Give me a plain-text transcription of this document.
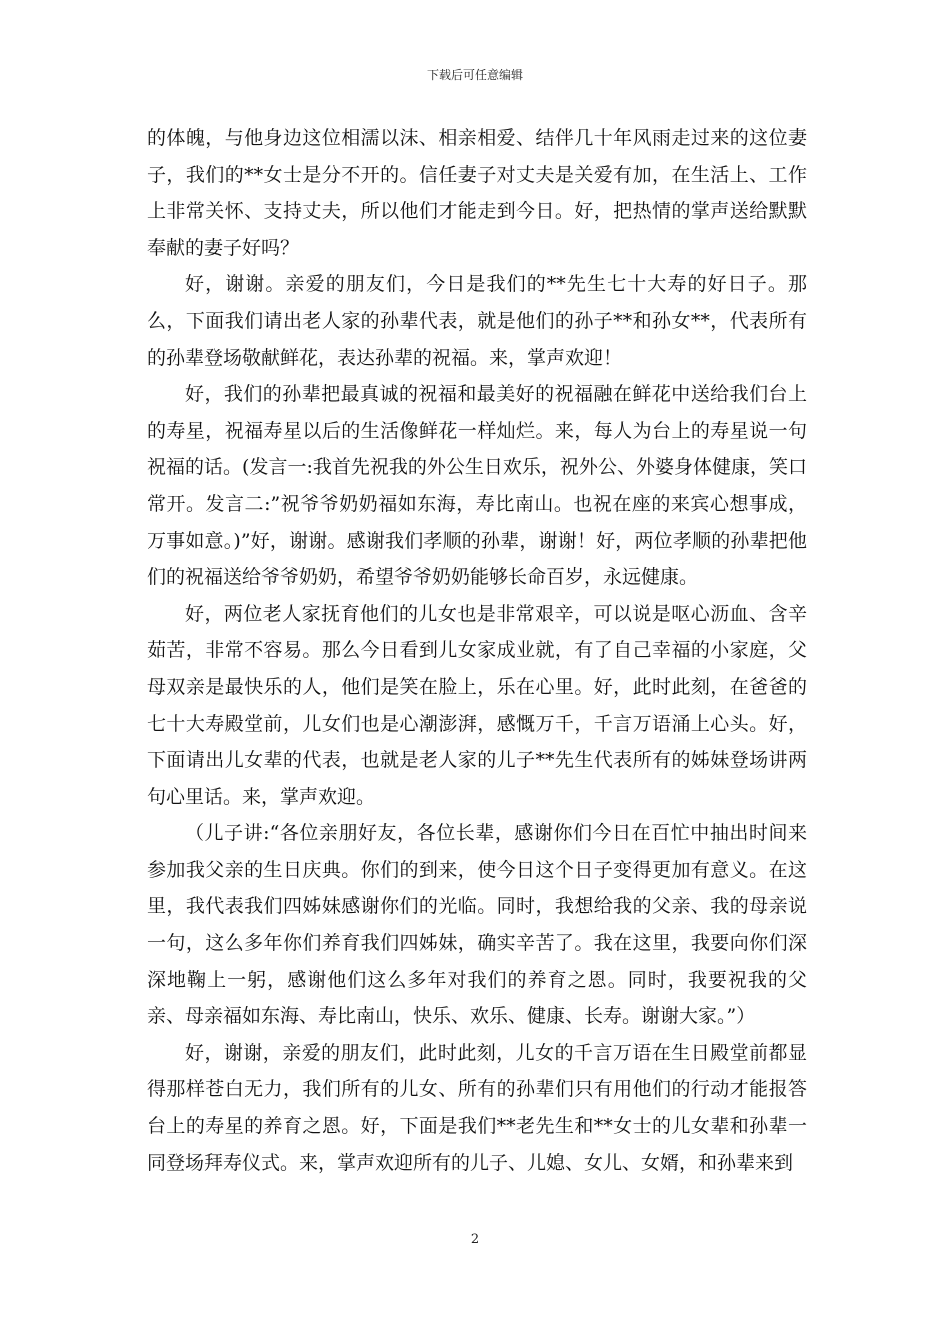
下载后可任意编辑

的体魄，与他身边这位相濡以沫、相亲相爱、结伴几十年风雨走过来的这位妻子，我们的**女士是分不开的。信任妻子对丈夫是关爱有加，在生活上、工作上非常关怀、支持丈夫，所以他们才能走到今日。好，把热情的掌声送给默默奉献的妻子好吗？

好，谢谢。亲爱的朋友们，今日是我们的**先生七十大寿的好日子。那么，下面我们请出老人家的孙辈代表，就是他们的孙子**和孙女**，代表所有的孙辈登场敬献鲜花，表达孙辈的祝福。来，掌声欢迎！

好，我们的孙辈把最真诚的祝福和最美好的祝福融在鲜花中送给我们台上的寿星，祝福寿星以后的生活像鲜花一样灿烂。来，每人为台上的寿星说一句祝福的话。(发言一:我首先祝我的外公生日欢乐，祝外公、外婆身体健康，笑口常开。发言二:”祝爷爷奶奶福如东海，寿比南山。也祝在座的来宾心想事成，万事如意。)”好，谢谢。感谢我们孝顺的孙辈，谢谢！好，两位孝顺的孙辈把他们的祝福送给爷爷奶奶，希望爷爷奶奶能够长命百岁，永远健康。

好，两位老人家抚育他们的儿女也是非常艰辛，可以说是呕心沥血、含辛茹苦，非常不容易。那么今日看到儿女家成业就，有了自己幸福的小家庭，父母双亲是最快乐的人，他们是笑在脸上，乐在心里。好，此时此刻，在爸爸的七十大寿殿堂前，儿女们也是心潮澎湃，感慨万千，千言万语涌上心头。好，下面请出儿女辈的代表，也就是老人家的儿子**先生代表所有的姊妹登场讲两句心里话。来，掌声欢迎。

（儿子讲:“各位亲朋好友，各位长辈，感谢你们今日在百忙中抽出时间来参加我父亲的生日庆典。你们的到来，使今日这个日子变得更加有意义。在这里，我代表我们四姊妹感谢你们的光临。同时，我想给我的父亲、我的母亲说一句，这么多年你们养育我们四姊妹，确实辛苦了。我在这里，我要向你们深深地鞠上一躬，感谢他们这么多年对我们的养育之恩。同时，我要祝我的父亲、母亲福如东海、寿比南山，快乐、欢乐、健康、长寿。谢谢大家。”）

好，谢谢，亲爱的朋友们，此时此刻，儿女的千言万语在生日殿堂前都显得那样苍白无力，我们所有的儿女、所有的孙辈们只有用他们的行动才能报答台上的寿星的养育之恩。好，下面是我们**老先生和**女士的儿女辈和孙辈一同登场拜寿仪式。来，掌声欢迎所有的儿子、儿媳、女儿、女婿，和孙辈来到

2
